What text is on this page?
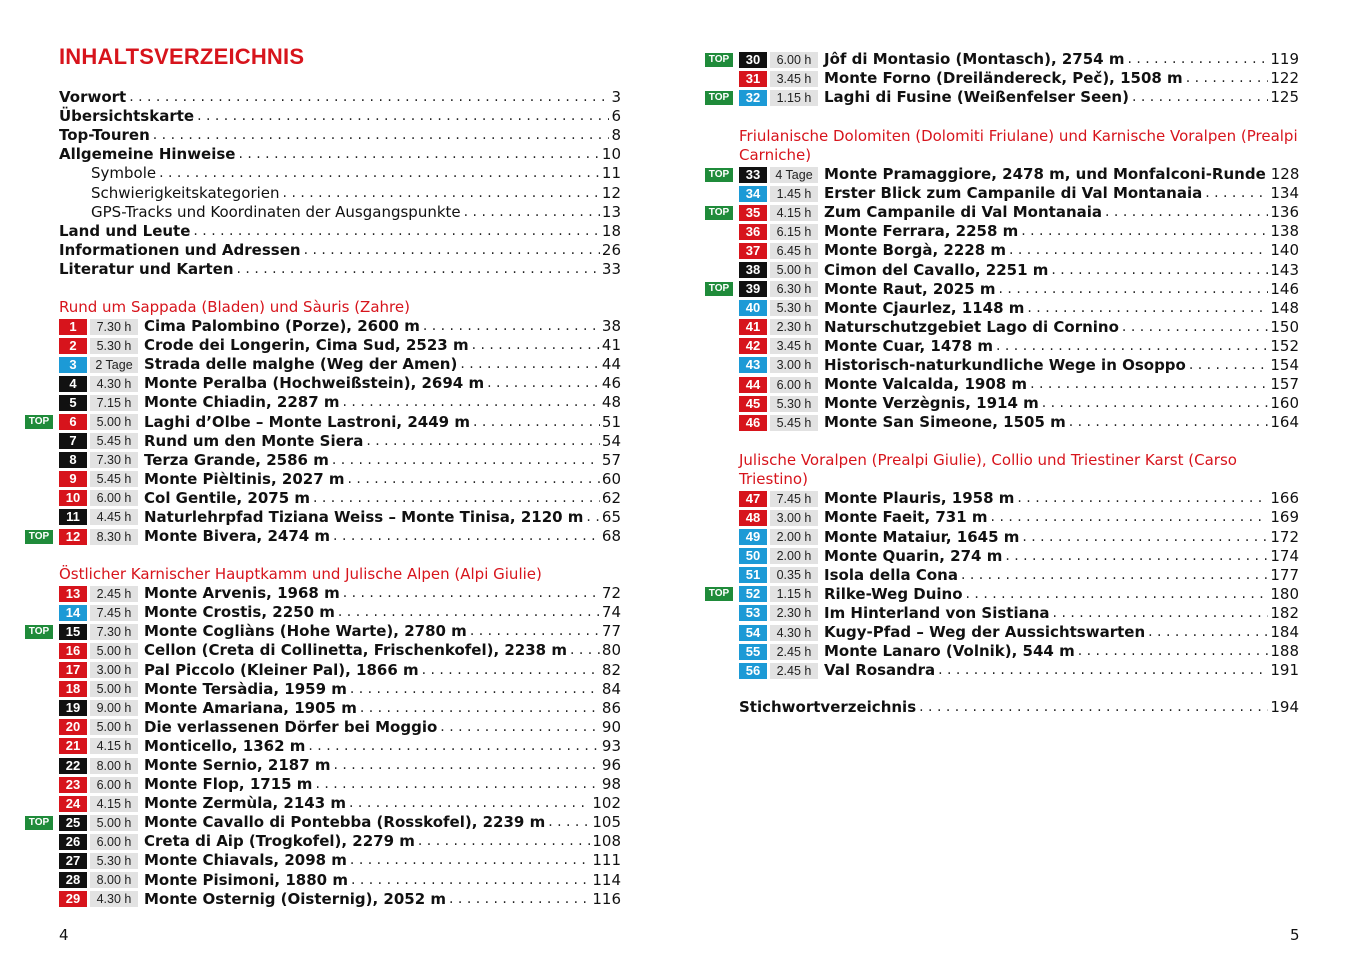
INHALTSVERZEICHNIS
Vorwort . . .	3
Übersichtskarte . . .	6
Top-Touren . . .	8
Allgemeine Hinweise . . .	10
Symbole . . .	11
Schwierigkeitskategorien . . .	12
GPS-Tracks und Koordinaten der Ausgangspunkte . . .	13
Land und Leute . . .	18
Informationen und Adressen . . .	26
Literatur und Karten . . .	33
Rund um Sappada (Bladen) und Sàuris (Zahre)
1	7.30 h Cima Palombino (Porze), 2600 m . . .	38
2	5.30 h Crode dei Longerin, Cima Sud, 2523 m . . .	41
3	2 Tage Strada delle malghe (Weg der Amen) . . .	44
4	4.30 h Monte Peralba (Hochweißstein), 2694 m . . .	46
5	7.15 h Monte Chiadin, 2287 m . . .	48
TOP	6	5.00 h Laghi d’Olbe – Monte Lastroni, 2449 m . . .	51
7	5.45 h Rund um den Monte Siera . . .	54
8	7.30 h Terza Grande, 2586 m . . .	57
9	5.45 h Monte Pièltinis, 2027 m . . .	60
10	6.00 h Col Gentile, 2075 m . . .	62
11	4.45 h Naturlehrpfad Tiziana Weiss – Monte Tinisa, 2120 m . . . 65
TOP	12	8.30 h Monte Bivera, 2474 m . . .	68
Östlicher Karnischer Hauptkamm und Julische Alpen (Alpi Giulie)
13	2.45 h Monte Arvenis, 1968 m . . .	72
14	7.45 h Monte Crostis, 2250 m . . .	74
TOP	15	7.30 h Monte Cogliàns (Hohe Warte), 2780 m . . .	77
16	5.00 h Cellon (Creta di Collinetta, Frischenkofel), 2238 m . . . 80
17	3.00 h Pal Piccolo (Kleiner Pal), 1866 m . . .	82
18	5.00 h Monte Tersàdia, 1959 m . . .	84
19	9.00 h Monte Amariana, 1905 m . . .	86
20	5.00 h Die verlassenen Dörfer bei Moggio . . .	90
21	4.15 h Monticello, 1362 m . . .	93
22	8.00 h Monte Sernio, 2187 m . . .	96
23	6.00 h Monte Flop, 1715 m . . .	98
24	4.15 h Monte Zermùla, 2143 m . . .	102
TOP	25	5.00 h Monte Cavallo di Pontebba (Rosskofel), 2239 m . . .	105
26	6.00 h Creta di Aip (Trogkofel), 2279 m . . .	108
27	5.30 h Monte Chiavals, 2098 m . . .	111
28	8.00 h Monte Pisimoni, 1880 m . . .	114
29	4.30 h Monte Osternig (Oisternig), 2052 m . . .	116
4
TOP	30	6.00 h Jôf di Montasio (Montasch), 2754 m . . .	119
31	3.45 h Monte Forno (Dreiländereck, Peč), 1508 m . . .	122
TOP	32	1.15 h Laghi di Fusine (Weißenfelser Seen) . . .	125
Friulanische Dolomiten (Dolomiti Friulane) und Karnische Voralpen (Prealpi Carniche)
TOP	33	4 Tage Monte Pramaggiore, 2478 m, und Monfalconi-Runde 128
34	1.45 h Erster Blick zum Campanile di Val Montanaia . . .	134
TOP	35	4.15 h Zum Campanile di Val Montanaia . . .	136
36	6.15 h Monte Ferrara, 2258 m . . .	138
37	6.45 h Monte Borgà, 2228 m . . .	140
38	5.00 h Cimon del Cavallo, 2251 m . . .	143
TOP	39	6.30 h Monte Raut, 2025 m . . .	146
40	5.30 h Monte Cjaurlez, 1148 m . . .	148
41	2.30 h Naturschutzgebiet Lago di Cornino . . .	150
42	3.45 h Monte Cuar, 1478 m . . .	152
43	3.00 h Historisch-naturkundliche Wege in Osoppo . . .	154
44	6.00 h Monte Valcalda, 1908 m . . .	157
45	5.30 h Monte Verzègnis, 1914 m . . .	160
46	5.45 h Monte San Simeone, 1505 m . . .	164
Julische Voralpen (Prealpi Giulie), Collio und Triestiner Karst (Carso Triestino)
47	7.45 h Monte Plauris, 1958 m . . .	166
48	3.00 h Monte Faeit, 731 m . . .	169
49	2.00 h Monte Mataiur, 1645 m . . .	172
50	2.00 h Monte Quarin, 274 m . . .	174
51	0.35 h Isola della Cona . . .	177
TOP	52	1.15 h Rilke-Weg Duino . . .	180
53	2.30 h Im Hinterland von Sistiana . . .	182
54	4.30 h Kugy-Pfad – Weg der Aussichtswarten . . .	184
55	2.45 h Monte Lanaro (Volnik), 544 m . . .	188
56	2.45 h Val Rosandra . . .	191
Stichwortverzeichnis . . .	194
5
